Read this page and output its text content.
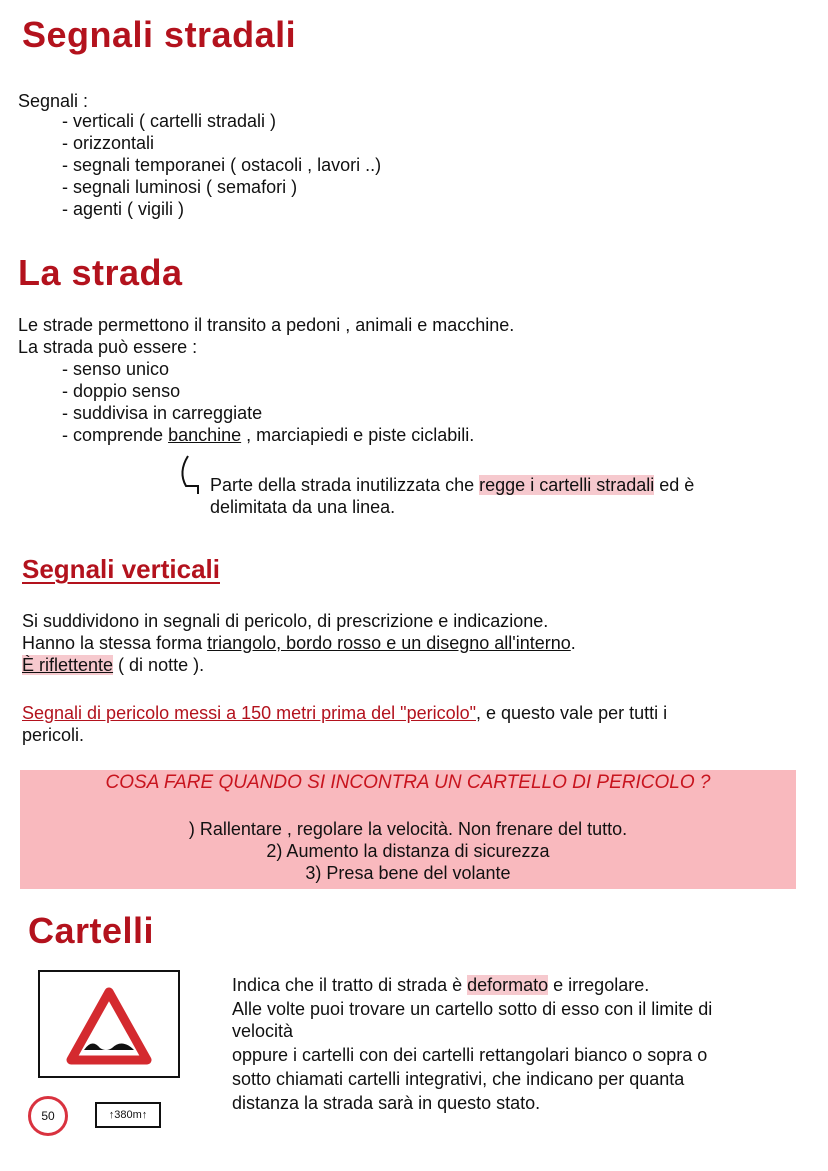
Segnali stradali
Segnali :
- verticali ( cartelli stradali )
- orizzontali
- segnali temporanei ( ostacoli , lavori ..)
- segnali luminosi ( semafori )
- agenti ( vigili )
La strada
Le strade permettono il transito a pedoni , animali e macchine.
La strada può essere :
- senso unico
- doppio senso
- suddivisa in carreggiate
- comprende banchine , marciapiedi e piste ciclabili.
Parte della strada inutilizzata che regge i cartelli stradali ed è
delimitata da una linea.
Segnali verticali
Si suddividono in segnali di pericolo, di prescrizione e indicazione.
Hanno la stessa forma triangolo, bordo rosso e un disegno all'interno.
È riflettente ( di notte ).
Segnali di pericolo messi a 150 metri prima del "pericolo", e questo vale per tutti i
pericoli.
COSA FARE QUANDO SI INCONTRA UN CARTELLO DI PERICOLO ?
) Rallentare , regolare la velocità. Non frenare del tutto.
2) Aumento la distanza di sicurezza
3) Presa bene del volante
Cartelli
50	↑380m↑
Indica che il tratto di strada è deformato e irregolare.
Alle volte puoi trovare un cartello sotto di esso con il limite di
velocità
oppure i cartelli con dei cartelli rettangolari bianco o sopra o
sotto chiamati cartelli integrativi, che indicano per quanta
distanza la strada sarà in questo stato.
